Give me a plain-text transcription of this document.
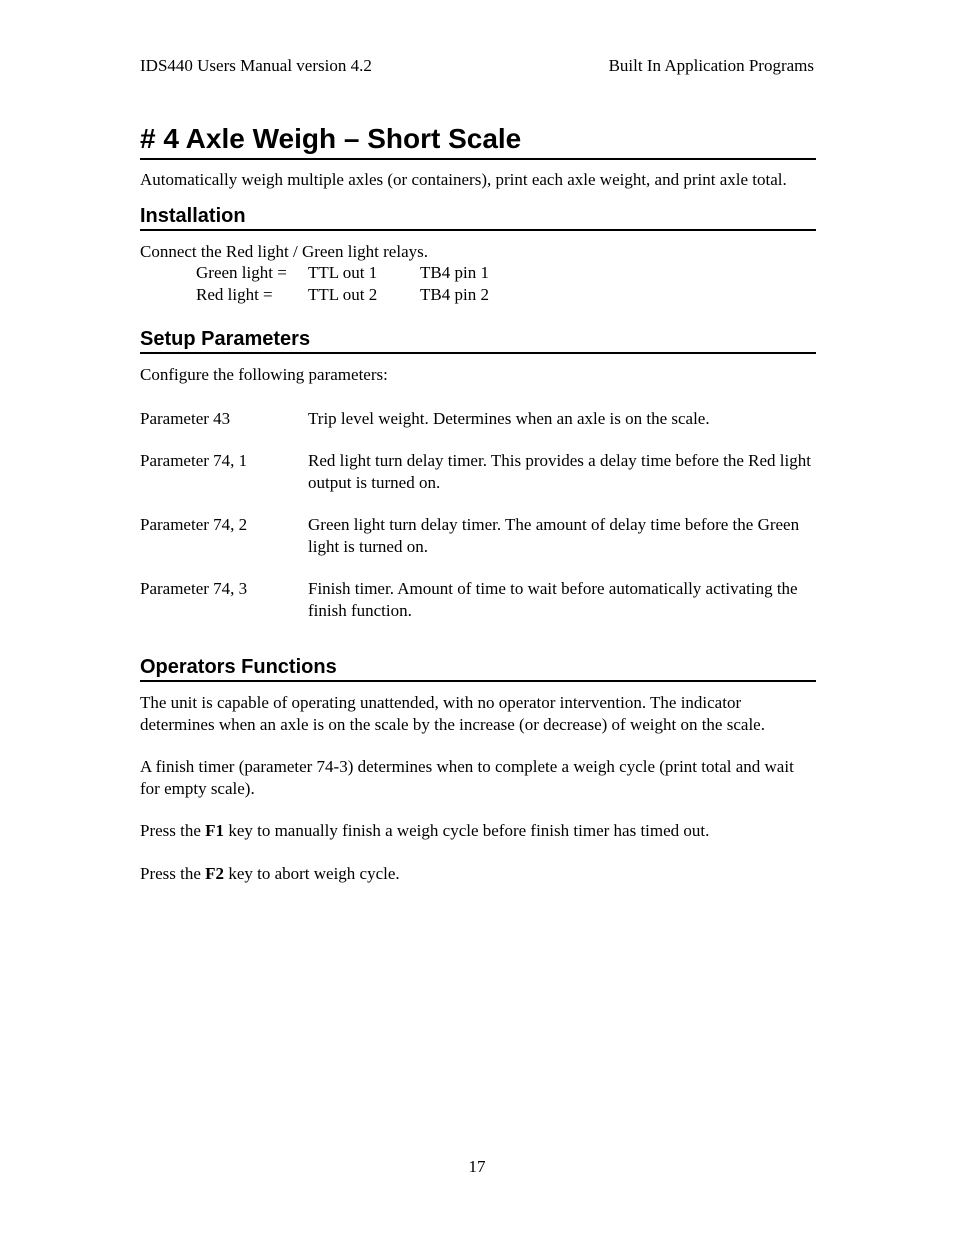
IDS440 Users Manual version 4.2	Built In Application Programs
# 4 Axle Weigh – Short Scale

Automatically weigh multiple axles (or containers), print each axle weight, and print axle total.

Installation

Connect the Red light / Green light relays.

Green light =	TTL out 1	TB4 pin 1
Red light =	TTL out 2	TB4 pin 2
Setup Parameters

Configure the following parameters:

Parameter 43	Trip level weight. Determines when an axle is on the scale.
Parameter 74, 1	Red light turn delay timer. This provides a delay time before the Red light output is turned on.
Parameter 74, 2	Green light turn delay timer. The amount of delay time before the Green light is turned on.
Parameter 74, 3	Finish timer. Amount of time to wait before automatically activating the finish function.
Operators Functions

The unit is capable of operating unattended, with no operator intervention. The indicator determines when an axle is on the scale by the increase (or decrease) of weight on the scale.

A finish timer (parameter 74-3) determines when to complete a weigh cycle (print total and wait for empty scale).

Press the F1 key to manually finish a weigh cycle before finish timer has timed out.

Press the F2 key to abort weigh cycle.

17
